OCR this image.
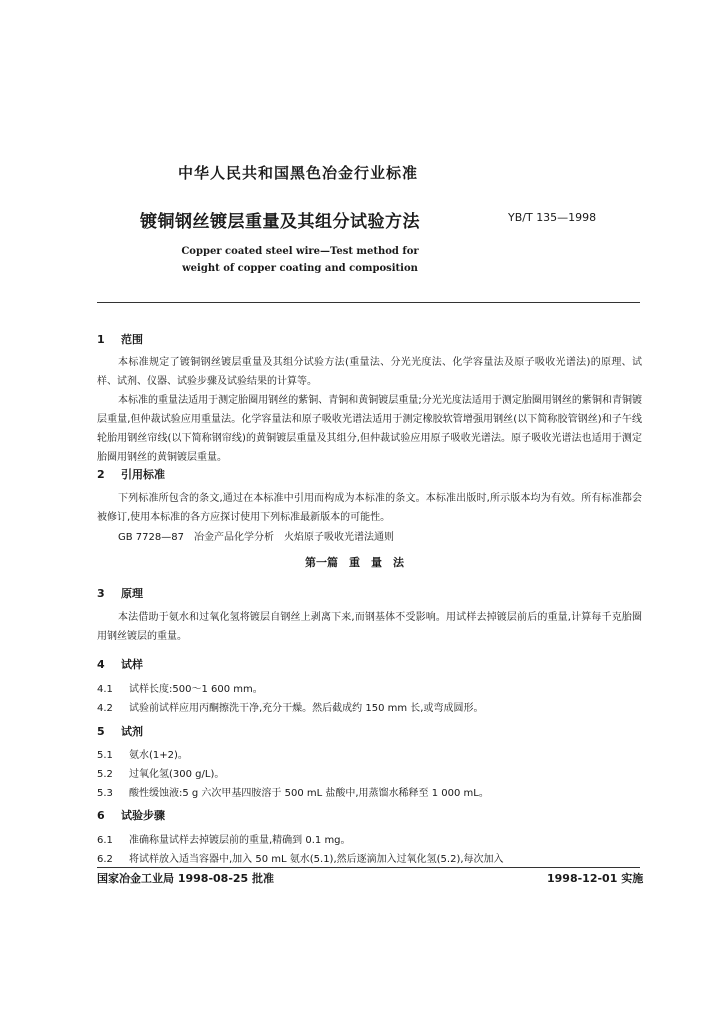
中华人民共和国黑色冶金行业标准
镀铜钢丝镀层重量及其组分试验方法	YB/T 135—1998
Copper coated steel wire—Test method for
weight of copper coating and composition
1 范围
本标准规定了镀铜钢丝镀层重量及其组分试验方法(重量法、分光光度法、化学容量法及原子吸收光谱法)的原理、试样、试剂、仪器、试验步骤及试验结果的计算等。
本标准的重量法适用于测定胎圈用钢丝的紫铜、青铜和黄铜镀层重量;分光光度法适用于测定胎圈用钢丝的紫铜和青铜镀层重量,但仲裁试验应用重量法。化学容量法和原子吸收光谱法适用于测定橡胶软管增强用钢丝(以下简称胶管钢丝)和子午线轮胎用钢丝帘线(以下简称钢帘线)的黄铜镀层重量及其组分,但仲裁试验应用原子吸收光谱法。原子吸收光谱法也适用于测定胎圈用钢丝的黄铜镀层重量。
2 引用标准
下列标准所包含的条文,通过在本标准中引用而构成为本标准的条文。本标准出版时,所示版本均为有效。所有标准都会被修订,使用本标准的各方应探讨使用下列标准最新版本的可能性。
GB 7728—87　冶金产品化学分析　火焰原子吸收光谱法通则
第一篇　重　量　法
3 原理
本法借助于氨水和过氧化氢将镀层自钢丝上剥离下来,而钢基体不受影响。用试样去掉镀层前后的重量,计算每千克胎圈用钢丝镀层的重量。
4 试样
4.1 试样长度:500～1 600 mm。
4.2 试验前试样应用丙酮擦洗干净,充分干燥。然后截成约 150 mm 长,或弯成圆形。
5 试剂
5.1 氨水(1+2)。
5.2 过氧化氢(300 g/L)。
5.3 酸性缓蚀液:5 g 六次甲基四胺溶于 500 mL 盐酸中,用蒸馏水稀释至 1 000 mL。
6 试验步骤
6.1 准确称量试样去掉镀层前的重量,精确到 0.1 mg。
6.2 将试样放入适当容器中,加入 50 mL 氨水(5.1),然后逐滴加入过氧化氢(5.2),每次加入
国家冶金工业局 1998-08-25 批准	1998-12-01 实施
